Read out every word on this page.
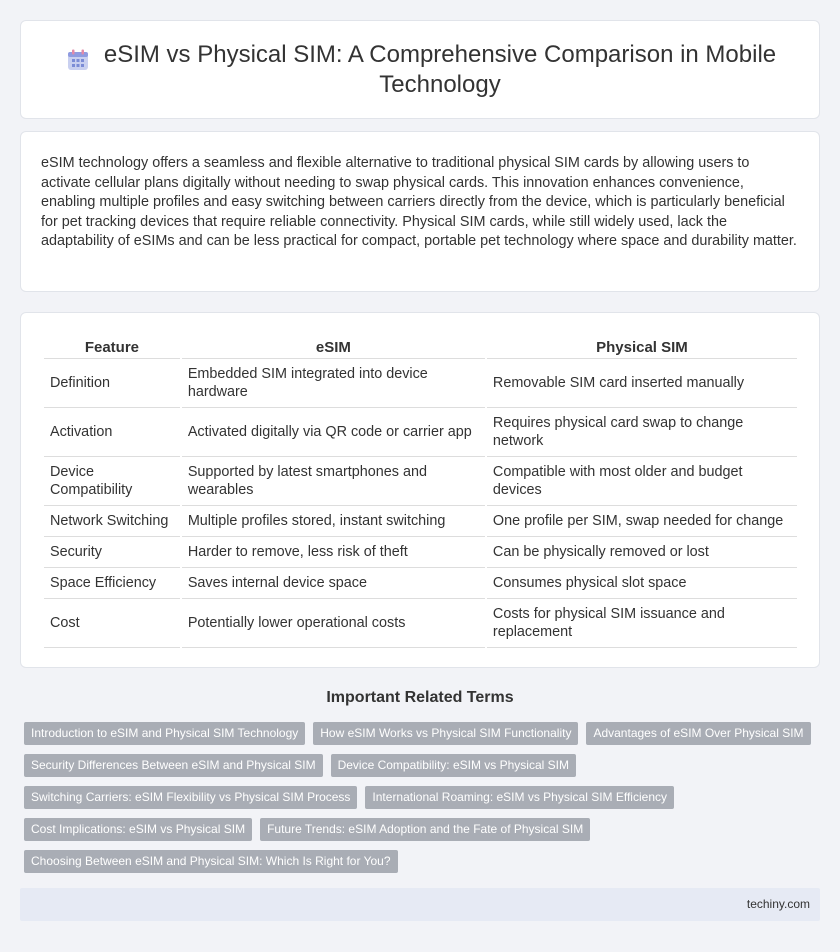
eSIM vs Physical SIM: A Comprehensive Comparison in Mobile Technology

eSIM technology offers a seamless and flexible alternative to traditional physical SIM cards by allowing users to activate cellular plans digitally without needing to swap physical cards. This innovation enhances convenience, enabling multiple profiles and easy switching between carriers directly from the device, which is particularly beneficial for pet tracking devices that require reliable connectivity. Physical SIM cards, while still widely used, lack the adaptability of eSIMs and can be less practical for compact, portable pet technology where space and durability matter.

Feature	eSIM	Physical SIM
Definition	Embedded SIM integrated into device hardware	Removable SIM card inserted manually
Activation	Activated digitally via QR code or carrier app	Requires physical card swap to change network
Device Compatibility	Supported by latest smartphones and wearables	Compatible with most older and budget devices
Network Switching	Multiple profiles stored, instant switching	One profile per SIM, swap needed for change
Security	Harder to remove, less risk of theft	Can be physically removed or lost
Space Efficiency	Saves internal device space	Consumes physical slot space
Cost	Potentially lower operational costs	Costs for physical SIM issuance and replacement
Important Related Terms
Introduction to eSIM and Physical SIM Technology	How eSIM Works vs Physical SIM Functionality	Advantages of eSIM Over Physical SIM
Security Differences Between eSIM and Physical SIM	Device Compatibility: eSIM vs Physical SIM
Switching Carriers: eSIM Flexibility vs Physical SIM Process	International Roaming: eSIM vs Physical SIM Efficiency
Cost Implications: eSIM vs Physical SIM	Future Trends: eSIM Adoption and the Fate of Physical SIM
Choosing Between eSIM and Physical SIM: Which Is Right for You?
techiny.com
